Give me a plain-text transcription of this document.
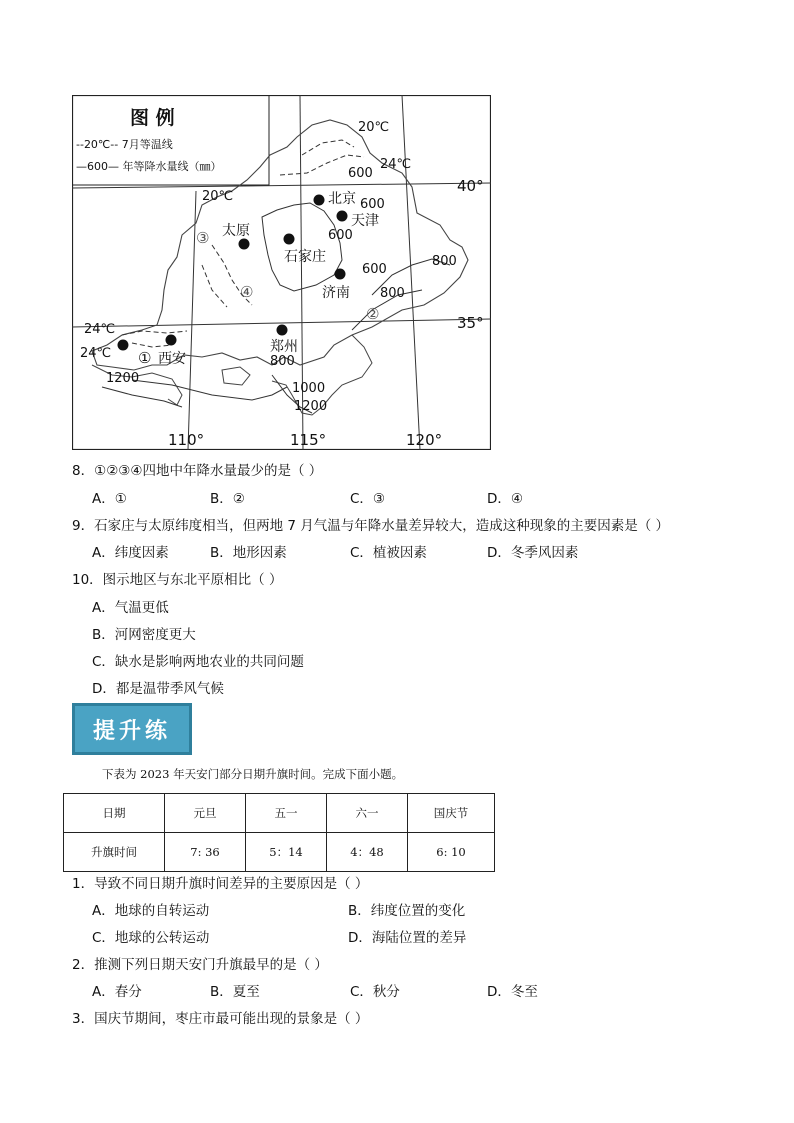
图 例
--20℃-- 7月等温线
—600— 年等降水量线（㎜）
40°
35°
110°	115°	120°
北京
天津
太原
石家庄
济南
郑州
西安
①
②
③
④
20℃
24℃
20℃
24℃
24℃
600
600
600
600
800
800
800
1000
1200
1200
8．①②③④四地中年降水量最少的是（ ）
A．①	B．②	C．③	D．④
9．石家庄与太原纬度相当，但两地 7 月气温与年降水量差异较大，造成这种现象的主要因素是（ ）
A．纬度因素	B．地形因素	C．植被因素	D．冬季风因素
10．图示地区与东北平原相比（ ）
A．气温更低
B．河网密度更大
C．缺水是影响两地农业的共同问题
D．都是温带季风气候
提升练
下表为 2023 年天安门部分日期升旗时间。完成下面小题。
日期	元旦	五一	六一	国庆节
升旗时间	7: 36	5：14	4：48	6: 10
1．导致不同日期升旗时间差异的主要原因是（ ）
A．地球的自转运动	B．纬度位置的变化
C．地球的公转运动	D．海陆位置的差异
2．推测下列日期天安门升旗最早的是（ ）
A．春分	B．夏至	C．秋分	D．冬至
3．国庆节期间，枣庄市最可能出现的景象是（ ）
